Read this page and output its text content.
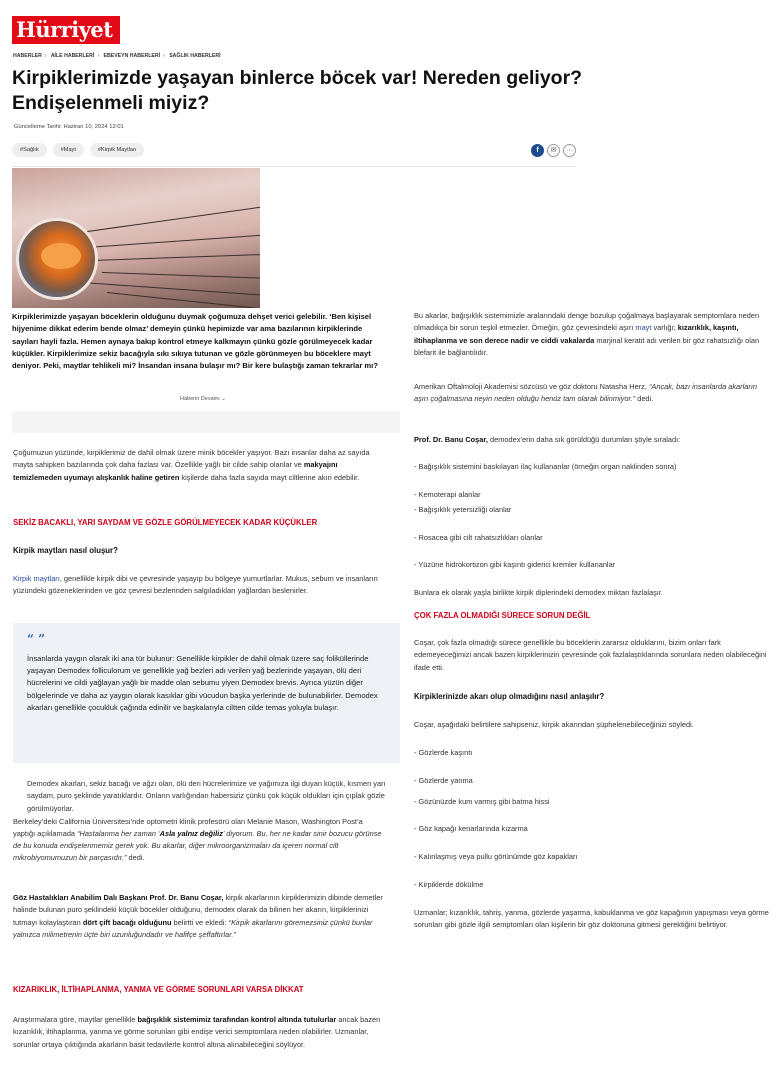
Hürriyet
HABERLER › AİLE HABERLERİ › EBEVEYN HABERLERİ › SAĞLIK HABERLERİ
Kirpiklerimizde yaşayan binlerce böcek var! Nereden geliyor? Endişelenmeli miyiz?
Güncelleme Tarihi: Haziran 10, 2024 12:01
#Sağlık	#Mayt	#Kirpik Maytları	f	✉	···

Kirpiklerimizde yaşayan böceklerin olduğunu duymak çoğumuza dehşet verici gelebilir. ‘Ben kişisel hijyenime dikkat ederim bende olmaz’ demeyin çünkü hepimizde var ama bazılarının kirpiklerinde sayıları hayli fazla. Hemen aynaya bakıp kontrol etmeye kalkmayın çünkü gözle görülmeyecek kadar küçükler. Kirpiklerimize sekiz bacağıyla sıkı sıkıya tutunan ve gözle görünmeyen bu böceklere mayt deniyor. Peki, maytlar tehlikeli mi? İnsandan insana bulaşır mı? Bir kere bulaştığı zaman tekrarlar mı?

Haberin Devamı ⌄

Çoğumuzun yüzünde, kirpiklerimiz de dahil olmak üzere minik böcekler yaşıyor. Bazı insanlar daha az sayıda mayta sahipken bazılarında çok daha fazlası var. Özellikle yağlı bir cilde sahip olanlar ve makyajını temizlemeden uyumayı alışkanlık haline getiren kişilerde daha fazla sayıda mayt ciltlerine akın edebilir.

SEKİZ BACAKLI, YARI SAYDAM VE GÖZLE GÖRÜLMEYECEK KADAR KÜÇÜKLER
Kirpik maytları nasıl oluşur?

Kirpik maytları, genellikle kirpik dibi ve çevresinde yaşayıp bu bölgeye yumurtlarlar. Mukus, sebum ve insanların yüzündeki gözeneklerinden ve göz çevresi bezlerinden salgıladıkları yağlardan beslenirler.

“ ”

İnsanlarda yaygın olarak iki ana tür bulunur: Genellikle kirpikler de dahil olmak üzere saç foliküllerinde yaşayan Demodex folliculorum ve genellikle yağ bezleri adı verilen yağ bezlerinde yaşayan, ölü deri hücrelerini ve cildi yağlayan yağlı bir madde olan sebumu yiyen Demodex brevis. Ayrıca yüzün diğer bölgelerinde ve daha az yaygın olarak kasıklar gibi vücudun başka yerlerinde de bulunabilirler. Demodex akarları genellikle çocukluk çağında edinilir ve başkalarıyla ciltten cilde temas yoluyla bulaşır.

Demodex akarları, sekiz bacağı ve ağzı olan, ölü deri hücrelerimize ve yağımıza ilgi duyan küçük, kısmen yarı saydam, puro şeklinde yaratıklardır. Onların varlığından habersiziz çünkü çok küçük oldukları için çıplak gözle görülmüyorlar.

Berkeley’deki California Üniversitesi’nde optometri klinik profesörü olan Melanie Mason, Washington Post’a yaptığı açıklamada “Hastalanma her zaman ‘Asla yalnız değiliz’ diyorum. Bu, her ne kadar sinir bozucu görünse de bu konuda endişelenmemiz gerek yok. Bu akarlar, diğer mikroorganizmaları da içeren normal cilt mikrobiyomumuzun bir parçasıdır.” dedi.

Göz Hastalıkları Anabilim Dalı Başkanı Prof. Dr. Banu Coşar, kirpik akarlarının kirpiklerimizin dibinde demetler halinde bulunan puro şeklindeki küçük böcekler olduğunu, demodex olarak da bilinen her akarın, kirpiklerinizi tutmayı kolaylaştıran dört çift bacağı olduğunu belirtti ve ekledi: “Kirpik akarlarını göremezsiniz çünkü bunlar yalnızca milimetrenin üçte biri uzunluğundadır ve hafifçe şeffaftırlar.”

KIZARIKLIK, İLTİHAPLANMA, YANMA VE GÖRME SORUNLARI VARSA DİKKAT

Araştırmalara göre, maytlar genellikle bağışıklık sistemimiz tarafından kontrol altında tutulurlar ancak bazen kızarıklık, iltihaplanma, yanma ve görme sorunları gibi endişe verici semptomlara neden olabilirler. Uzmanlar, sorunlar ortaya çıktığında akarların basit tedavilerle kontrol altına alınabileceğini söylüyor.

Bu akarlar, bağışıklık sistemimizle aralarındaki denge bozulup çoğalmaya başlayarak semptomlara neden olmadıkça bir sorun teşkil etmezler. Örneğin, göz çevresindeki aşırı mayt varlığı; kızarıklık, kaşıntı, iltihaplanma ve son derece nadir ve ciddi vakalarda marjinal keratit adı verilen bir göz rahatsızlığı olan blefarit ile bağlantılıdır.

Amerikan Oftalmoloji Akademisi sözcüsü ve göz doktoru Natasha Herz, “Ancak, bazı insanlarda akarların aşırı çoğalmasına neyin neden olduğu henüz tam olarak bilinmiyor.” dedi.

Prof. Dr. Banu Coşar, demodex’erin daha sık görüldüğü durumları şöyle sıraladı:

- Bağışıklık sistemini baskılayan ilaç kullananlar (örneğin organ naklinden sonra)
- Kemoterapi alanlar
- Bağışıklık yetersizliği olanlar
- Rosacea gibi cilt rahatsızlıkları olanlar
- Yüzüne hidrokortizon gibi kaşıntı giderici kremler kullananlar
Bunlara ek olarak yaşla birlikte kirpik diplerindeki demodex miktarı fazlalaşır.
ÇOK FAZLA OLMADIĞI SÜRECE SORUN DEĞİL

Coşar, çok fazla olmadığı sürece genellikle bu böceklerin zararsız olduklarını, bizim onları fark edemeyeceğimizi ancak bazen kirpiklerinizin çevresinde çok fazlalaştıklarında sorunlara neden olabileceğini ifade etti.

Kirpiklerinizde akarı olup olmadığını nasıl anlaşılır?
Coşar, aşağıdaki belirtilere sahipseniz, kirpik akarından şüphelenebileceğinizi söyledi.
- Gözlerde kaşıntı
- Gözlerde yanma
- Gözünüzde kum varmış gibi batma hissi
- Göz kapağı kenarlarında kızarma
- Kalınlaşmış veya pullu görünümde göz kapakları
- Kirpiklerde dökülme

Uzmanlar; kızarıklık, tahriş, yanma, gözlerde yaşarma, kabuklanma ve göz kapağının yapışması veya görme sorunları gibi gözle ilgili semptomları olan kişilerin bir göz doktoruna gitmesi gerektiğini belirtiyor.
